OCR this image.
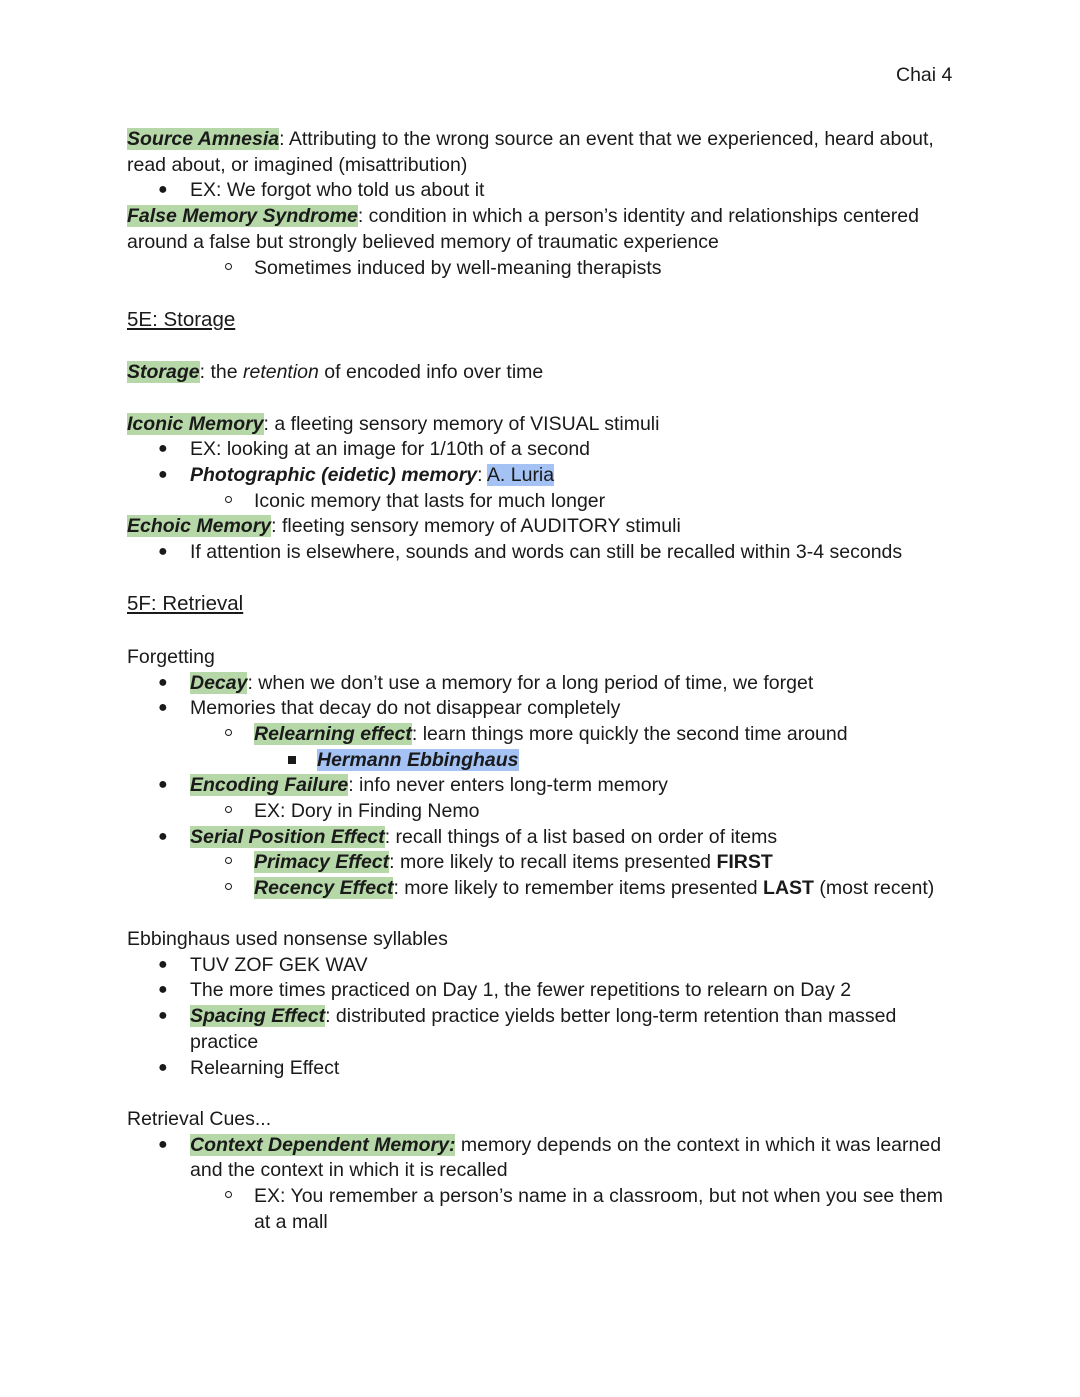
Chai 4
Source Amnesia: Attributing to the wrong source an event that we experienced, heard about,
read about, or imagined (misattribution)
● EX: We forgot who told us about it
False Memory Syndrome: condition in which a person’s identity and relationships centered
around a false but strongly believed memory of traumatic experience
Sometimes induced by well-meaning therapists
5E: Storage
Storage: the retention of encoded info over time
Iconic Memory: a fleeting sensory memory of VISUAL stimuli
● EX: looking at an image for 1/10th of a second
● Photographic (eidetic) memory: A. Luria
Iconic memory that lasts for much longer
Echoic Memory: fleeting sensory memory of AUDITORY stimuli
● If attention is elsewhere, sounds and words can still be recalled within 3-4 seconds
5F: Retrieval
Forgetting
● Decay: when we don’t use a memory for a long period of time, we forget
● Memories that decay do not disappear completely
Relearning effect: learn things more quickly the second time around
Hermann Ebbinghaus
● Encoding Failure: info never enters long-term memory
EX: Dory in Finding Nemo
● Serial Position Effect: recall things of a list based on order of items
Primacy Effect: more likely to recall items presented FIRST
Recency Effect: more likely to remember items presented LAST (most recent)
Ebbinghaus used nonsense syllables
● TUV ZOF GEK WAV
● The more times practiced on Day 1, the fewer repetitions to relearn on Day 2
● Spacing Effect: distributed practice yields better long-term retention than massed
practice
● Relearning Effect
Retrieval Cues...
● Context Dependent Memory: memory depends on the context in which it was learned
and the context in which it is recalled
EX: You remember a person’s name in a classroom, but not when you see them
at a mall
